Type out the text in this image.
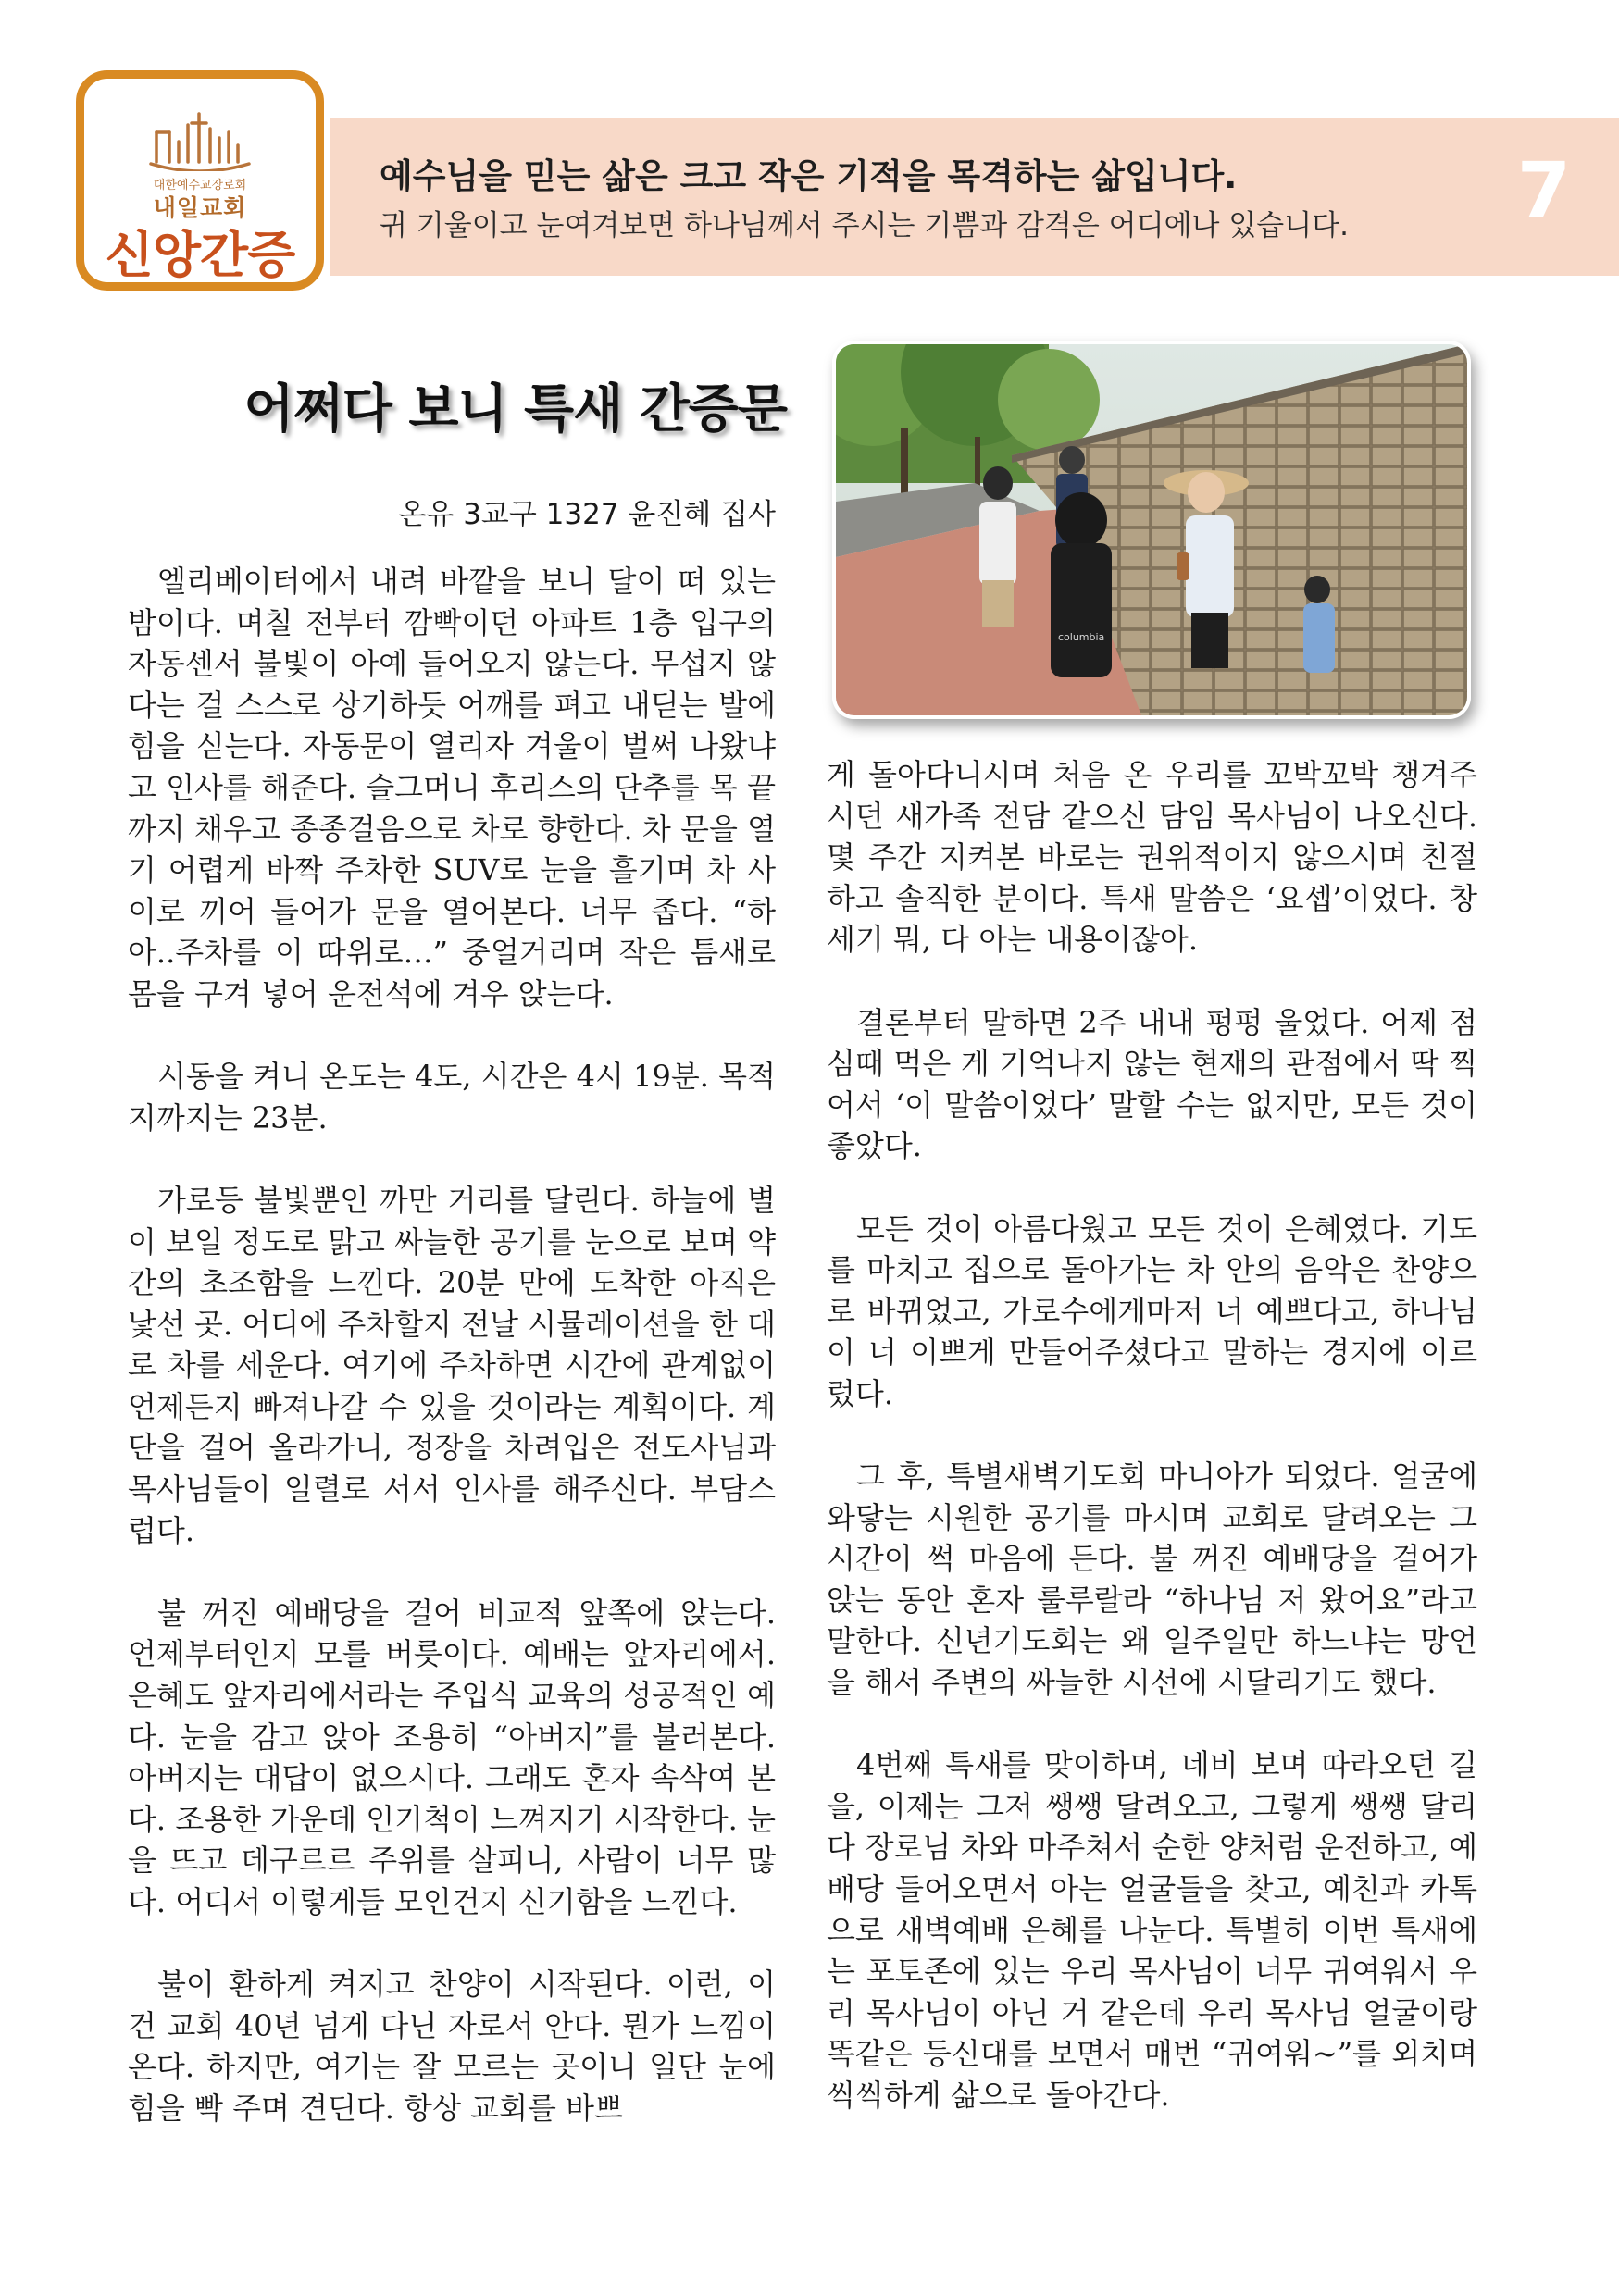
예수님을 믿는 삶은 크고 작은 기적을 목격하는 삶입니다.
귀 기울이고 눈여겨보면 하나님께서 주시는 기쁨과 감격은 어디에나 있습니다.	7
대한예수교장로회
내일교회
신앙간증
어쩌다 보니 특새 간증문
온유 3교구 1327 윤진혜 집사
columbia

엘리베이터에서 내려 바깥을 보니 달이 떠 있는 밤이다. 며칠 전부터 깜빡이던 아파트 1층 입구의 자동센서 불빛이 아예 들어오지 않는다. 무섭지 않다는 걸 스스로 상기하듯 어깨를 펴고 내딛는 발에 힘을 싣는다. 자동문이 열리자 겨울이 벌써 나왔냐고 인사를 해준다. 슬그머니 후리스의 단추를 목 끝까지 채우고 종종걸음으로 차로 향한다. 차 문을 열기 어렵게 바짝 주차한 SUV로 눈을 흘기며 차 사이로 끼어 들어가 문을 열어본다. 너무 좁다. “하아..주차를 이 따위로…” 중얼거리며 작은 틈새로 몸을 구겨 넣어 운전석에 겨우 앉는다.

시동을 켜니 온도는 4도, 시간은 4시 19분. 목적지까지는 23분.

가로등 불빛뿐인 까만 거리를 달린다. 하늘에 별이 보일 정도로 맑고 싸늘한 공기를 눈으로 보며 약간의 초조함을 느낀다. 20분 만에 도착한 아직은 낯선 곳. 어디에 주차할지 전날 시뮬레이션을 한 대로 차를 세운다. 여기에 주차하면 시간에 관계없이 언제든지 빠져나갈 수 있을 것이라는 계획이다. 계단을 걸어 올라가니, 정장을 차려입은 전도사님과 목사님들이 일렬로 서서 인사를 해주신다. 부담스럽다.

불 꺼진 예배당을 걸어 비교적 앞쪽에 앉는다. 언제부터인지 모를 버릇이다. 예배는 앞자리에서. 은혜도 앞자리에서라는 주입식 교육의 성공적인 예다. 눈을 감고 앉아 조용히 “아버지”를 불러본다. 아버지는 대답이 없으시다. 그래도 혼자 속삭여 본다. 조용한 가운데 인기척이 느껴지기 시작한다. 눈을 뜨고 데구르르 주위를 살피니, 사람이 너무 많다. 어디서 이렇게들 모인건지 신기함을 느낀다.

불이 환하게 켜지고 찬양이 시작된다. 이런, 이건 교회 40년 넘게 다닌 자로서 안다. 뭔가 느낌이 온다. 하지만, 여기는 잘 모르는 곳이니 일단 눈에 힘을 빡 주며 견딘다. 항상 교회를 바쁘

게 돌아다니시며 처음 온 우리를 꼬박꼬박 챙겨주시던 새가족 전담 같으신 담임 목사님이 나오신다. 몇 주간 지켜본 바로는 권위적이지 않으시며 친절하고 솔직한 분이다. 특새 말씀은 ‘요셉’이었다. 창세기 뭐, 다 아는 내용이잖아.

결론부터 말하면 2주 내내 펑펑 울었다. 어제 점심때 먹은 게 기억나지 않는 현재의 관점에서 딱 찍어서 ‘이 말씀이었다’ 말할 수는 없지만, 모든 것이 좋았다.

모든 것이 아름다웠고 모든 것이 은혜였다. 기도를 마치고 집으로 돌아가는 차 안의 음악은 찬양으로 바뀌었고, 가로수에게마저 너 예쁘다고, 하나님이 너 이쁘게 만들어주셨다고 말하는 경지에 이르렀다.

그 후, 특별새벽기도회 마니아가 되었다. 얼굴에 와닿는 시원한 공기를 마시며 교회로 달려오는 그 시간이 썩 마음에 든다. 불 꺼진 예배당을 걸어가 앉는 동안 혼자 룰루랄라 “하나님 저 왔어요”라고 말한다. 신년기도회는 왜 일주일만 하느냐는 망언을 해서 주변의 싸늘한 시선에 시달리기도 했다.

4번째 특새를 맞이하며, 네비 보며 따라오던 길을, 이제는 그저 쌩쌩 달려오고, 그렇게 쌩쌩 달리다 장로님 차와 마주쳐서 순한 양처럼 운전하고, 예배당 들어오면서 아는 얼굴들을 찾고, 예친과 카톡으로 새벽예배 은혜를 나눈다. 특별히 이번 특새에는 포토존에 있는 우리 목사님이 너무 귀여워서 우리 목사님이 아닌 거 같은데 우리 목사님 얼굴이랑 똑같은 등신대를 보면서 매번 “귀여워~”를 외치며 씩씩하게 삶으로 돌아간다.
